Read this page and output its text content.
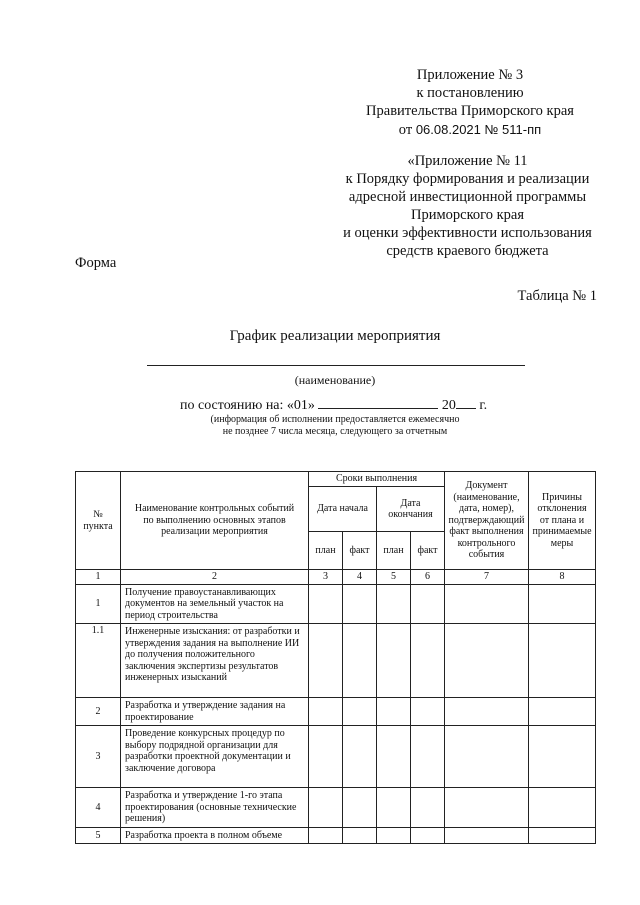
Приложение № 3
к постановлению
Правительства Приморского края
от 06.08.2021 № 511-пп
«Приложение № 11
к Порядку формирования и реализации
адресной инвестиционной программы
Приморского края
и оценки эффективности использования
средств краевого бюджета
Форма
Таблица № 1
График реализации мероприятия
(наименование)
по состоянию на: «01»	20 г.
(информация об исполнении предоставляется ежемесячно
не позднее 7 числа месяца, следующего за отчетным
№ пункта	Наименование контрольных событий по выполнению основных этапов реализации мероприятия	Сроки выполнения				Документ (наименование, дата, номер), подтверждающий факт выполнения контрольного события	Причины отклонения от плана и принимаемые меры
		Дата начала		Дата окончания			
		план	факт	план	факт		
1	2	3	4	5	6	7	8
1	Получение правоустанавливающих документов на земельный участок на период строительства						
1.1	Инженерные изыскания: от разработки и утверждения задания на выполнение ИИ до получения положительного заключения экспертизы результатов инженерных изысканий						
2	Разработка и утверждение задания на проектирование						
3	Проведение конкурсных процедур по выбору подрядной организации для разработки проектной документации и заключение договора						
4	Разработка и утверждение 1-го этапа проектирования (основные технические решения)						
5	Разработка проекта в полном объеме						
